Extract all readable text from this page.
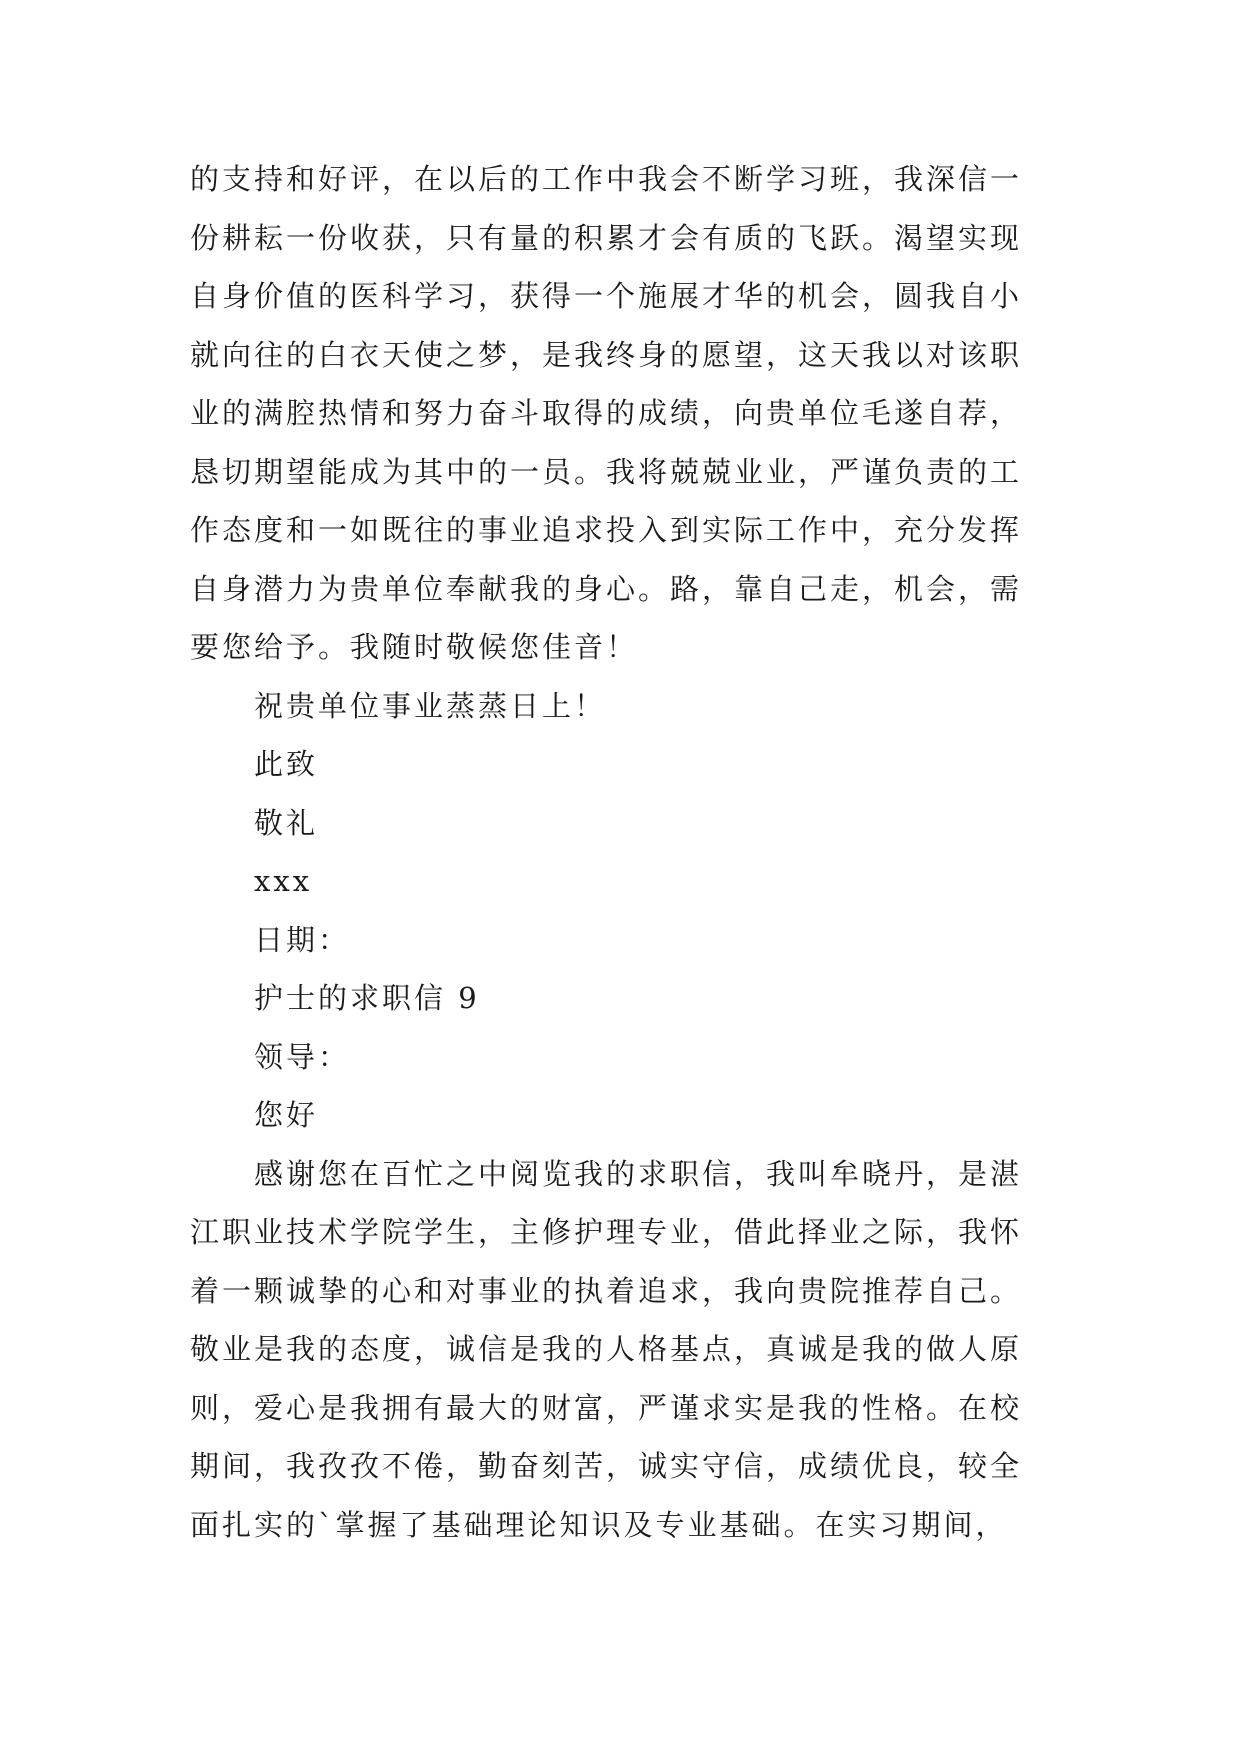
的支持和好评，在以后的工作中我会不断学习班，我深信一
份耕耘一份收获，只有量的积累才会有质的飞跃。渴望实现
自身价值的医科学习，获得一个施展才华的机会，圆我自小
就向往的白衣天使之梦，是我终身的愿望，这天我以对该职
业的满腔热情和努力奋斗取得的成绩，向贵单位毛遂自荐，
恳切期望能成为其中的一员。我将兢兢业业，严谨负责的工
作态度和一如既往的事业追求投入到实际工作中，充分发挥
自身潜力为贵单位奉献我的身心。路，靠自己走，机会，需
要您给予。我随时敬候您佳音！
祝贵单位事业蒸蒸日上！
此致
敬礼
xxx
日期：
护士的求职信 9
领导：
您好
感谢您在百忙之中阅览我的求职信，我叫牟晓丹，是湛
江职业技术学院学生，主修护理专业，借此择业之际，我怀
着一颗诚挚的心和对事业的执着追求，我向贵院推荐自己。
敬业是我的态度，诚信是我的人格基点，真诚是我的做人原
则，爱心是我拥有最大的财富，严谨求实是我的性格。在校
期间，我孜孜不倦，勤奋刻苦，诚实守信，成绩优良，较全
面扎实的`掌握了基础理论知识及专业基础。在实习期间，
